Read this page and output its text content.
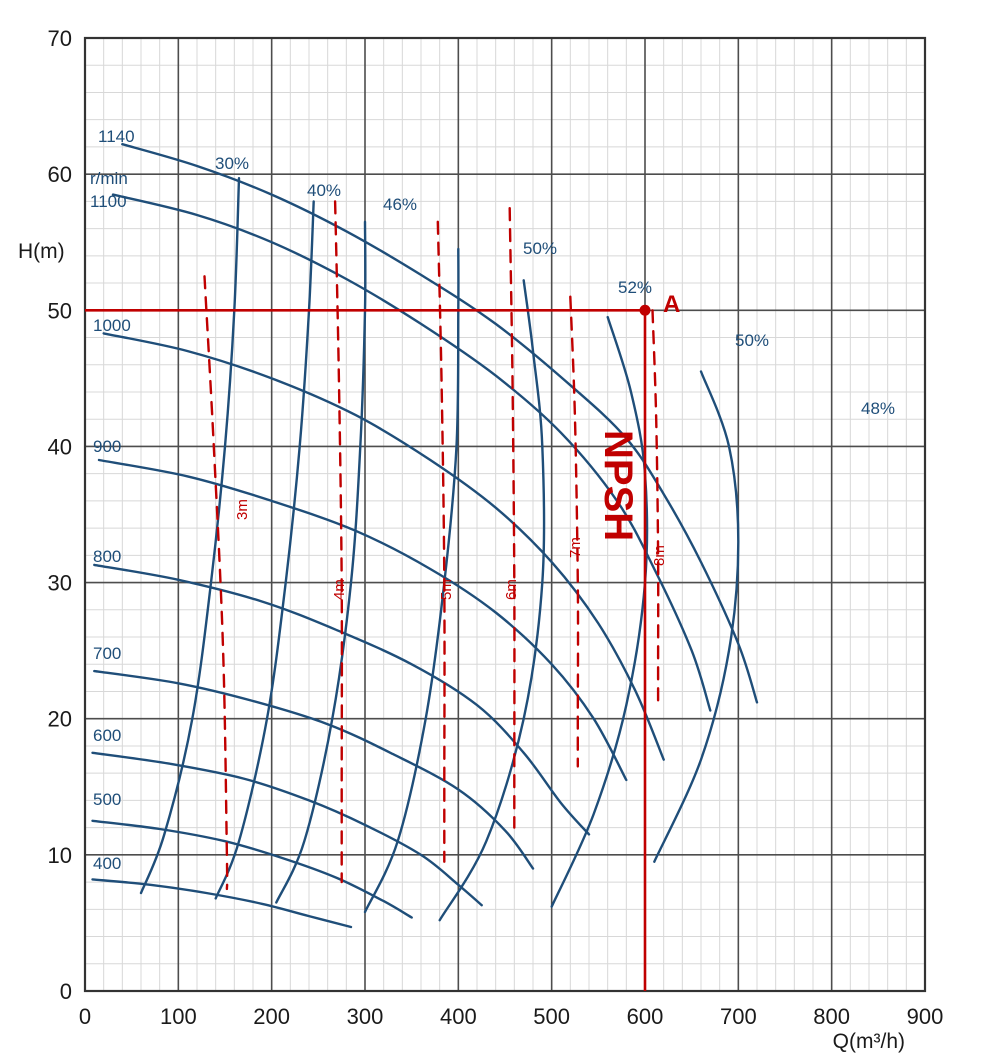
0
10
20
30
40
50
60
70
0	100	200	300	400	500	600	700	800	900
H(m)
Q(m³/h)
1140
r/min
1100
1000
900
800
700
600
500
400
30%
40%
46%
50%
52%
50%
48%
3m
4m	5m	6m
7m	8m
NPSH
A
